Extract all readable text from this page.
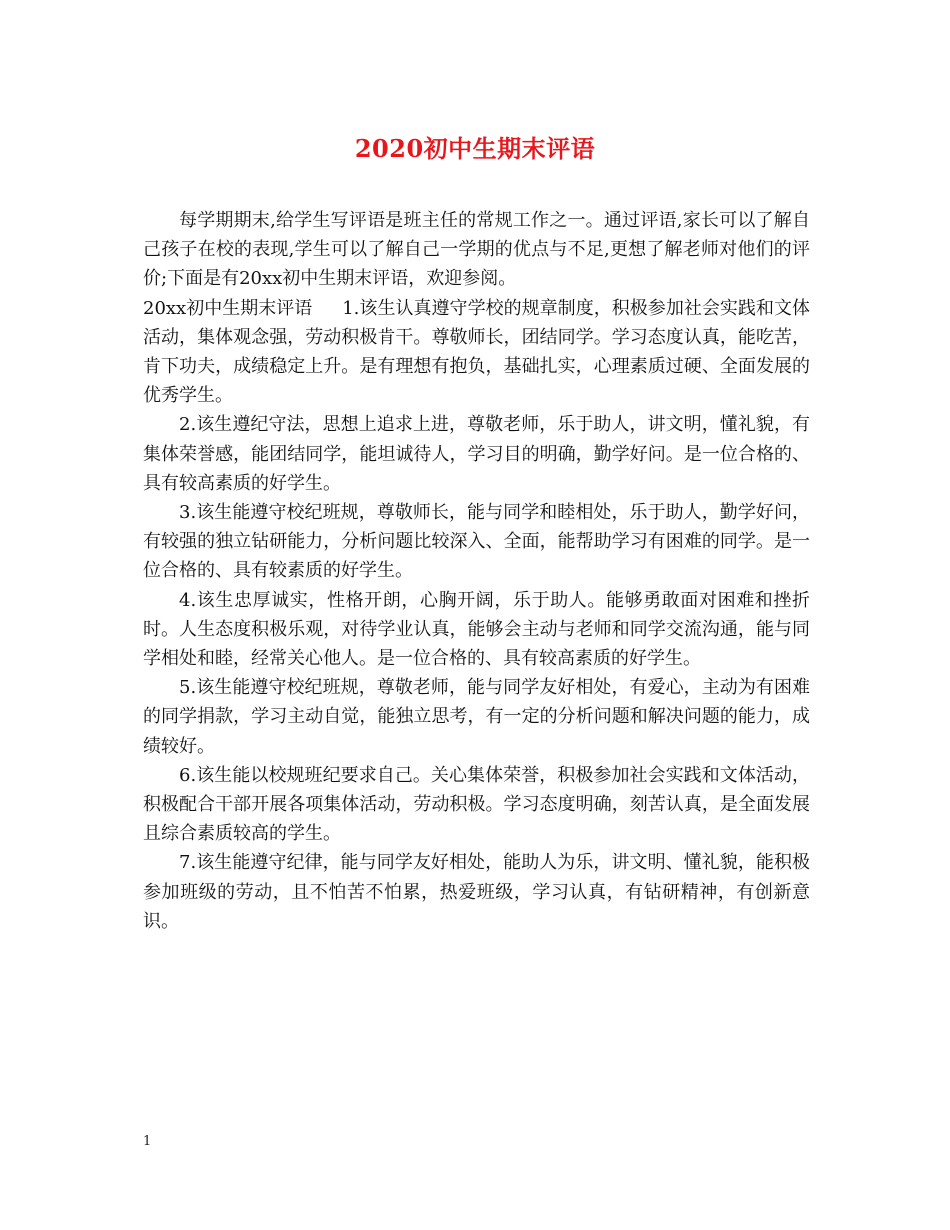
2020初中生期末评语

每学期期末,给学生写评语是班主任的常规工作之一。通过评语,家长可以了解自己孩子在校的表现,学生可以了解自己一学期的优点与不足,更想了解老师对他们的评价;下面是有20xx初中生期末评语，欢迎参阅。

20xx初中生期末评语 1.该生认真遵守学校的规章制度，积极参加社会实践和文体活动，集体观念强，劳动积极肯干。尊敬师长，团结同学。学习态度认真，能吃苦，肯下功夫，成绩稳定上升。是有理想有抱负，基础扎实，心理素质过硬、全面发展的优秀学生。

2.该生遵纪守法，思想上追求上进，尊敬老师，乐于助人，讲文明，懂礼貌，有集体荣誉感，能团结同学，能坦诚待人，学习目的明确，勤学好问。是一位合格的、具有较高素质的好学生。

3.该生能遵守校纪班规，尊敬师长，能与同学和睦相处，乐于助人，勤学好问，有较强的独立钻研能力，分析问题比较深入、全面，能帮助学习有困难的同学。是一位合格的、具有较素质的好学生。

4.该生忠厚诚实，性格开朗，心胸开阔，乐于助人。能够勇敢面对困难和挫折时。人生态度积极乐观，对待学业认真，能够会主动与老师和同学交流沟通，能与同学相处和睦，经常关心他人。是一位合格的、具有较高素质的好学生。

5.该生能遵守校纪班规，尊敬老师，能与同学友好相处，有爱心，主动为有困难的同学捐款，学习主动自觉，能独立思考，有一定的分析问题和解决问题的能力，成绩较好。

6.该生能以校规班纪要求自己。关心集体荣誉，积极参加社会实践和文体活动，积极配合干部开展各项集体活动，劳动积极。学习态度明确，刻苦认真，是全面发展且综合素质较高的学生。

7.该生能遵守纪律，能与同学友好相处，能助人为乐，讲文明、懂礼貌，能积极参加班级的劳动，且不怕苦不怕累，热爱班级，学习认真，有钻研精神，有创新意识。

1
